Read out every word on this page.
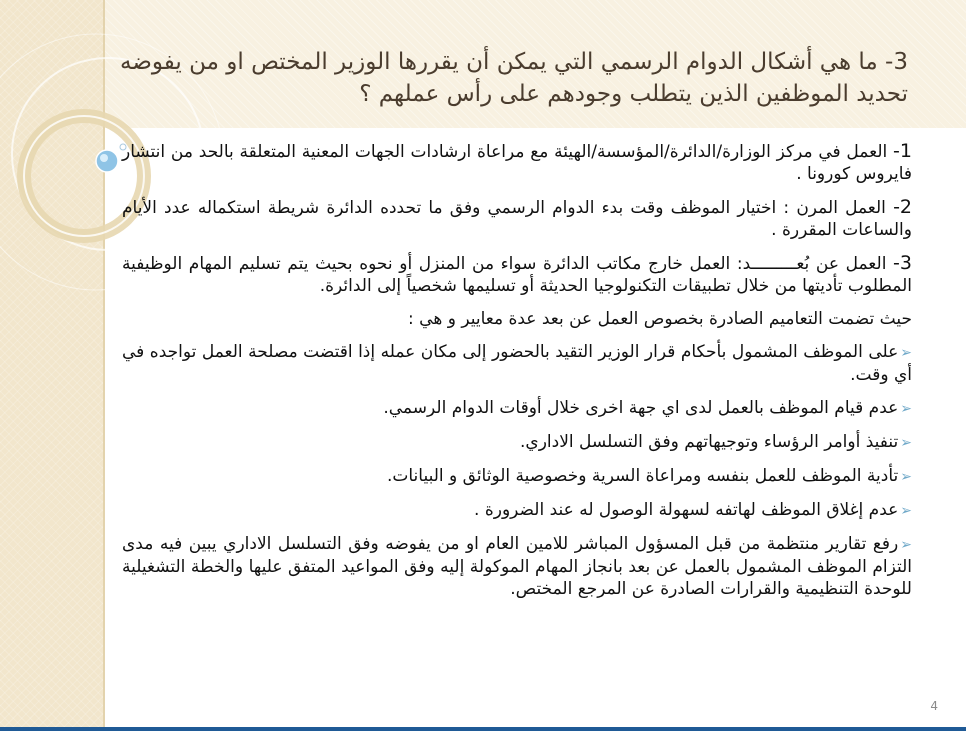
3- ما هي أشكال الدوام الرسمي التي يمكن أن يقررها الوزير المختص او من يفوضه تحديد الموظفين الذين يتطلب وجودهم على رأس عملهم ؟

1- العمل في مركز الوزارة/الدائرة/المؤسسة/الهيئة مع مراعاة ارشادات الجهات المعنية المتعلقة بالحد من انتشار فايروس كورونا .

2- العمل المرن : اختيار الموظف وقت بدء الدوام الرسمي وفق ما تحدده الدائرة شريطة استكماله عدد الأيام والساعات المقررة .

3- العمل عن بُعـــــــــد: العمل خارج مكاتب الدائرة سواء من المنزل أو نحوه بحيث يتم تسليم المهام الوظيفية المطلوب تأديتها من خلال تطبيقات التكنولوجيا الحديثة أو تسليمها شخصياً إلى الدائرة.

حيث تضمت التعاميم الصادرة بخصوص العمل عن بعد عدة معايير و هي :

➢على الموظف المشمول بأحكام قرار الوزير التقيد بالحضور إلى مكان عمله إذا اقتضت مصلحة العمل تواجده في أي وقت.

➢عدم قيام الموظف بالعمل لدى اي جهة اخرى خلال أوقات الدوام الرسمي.

➢تنفيذ أوامر الرؤساء وتوجيهاتهم وفق التسلسل الاداري.

➢تأدية الموظف للعمل بنفسه ومراعاة السرية وخصوصية الوثائق و البيانات.

➢عدم إغلاق الموظف لهاتفه لسهولة الوصول له عند الضرورة .

➢رفع تقارير منتظمة من قبل المسؤول المباشر للامين العام او من يفوضه وفق التسلسل الاداري يبين فيه مدى التزام الموظف المشمول بالعمل عن بعد بانجاز المهام الموكولة إليه وفق المواعيد المتفق عليها والخطة التشغيلية للوحدة التنظيمية والقرارات الصادرة عن المرجع المختص.

4
